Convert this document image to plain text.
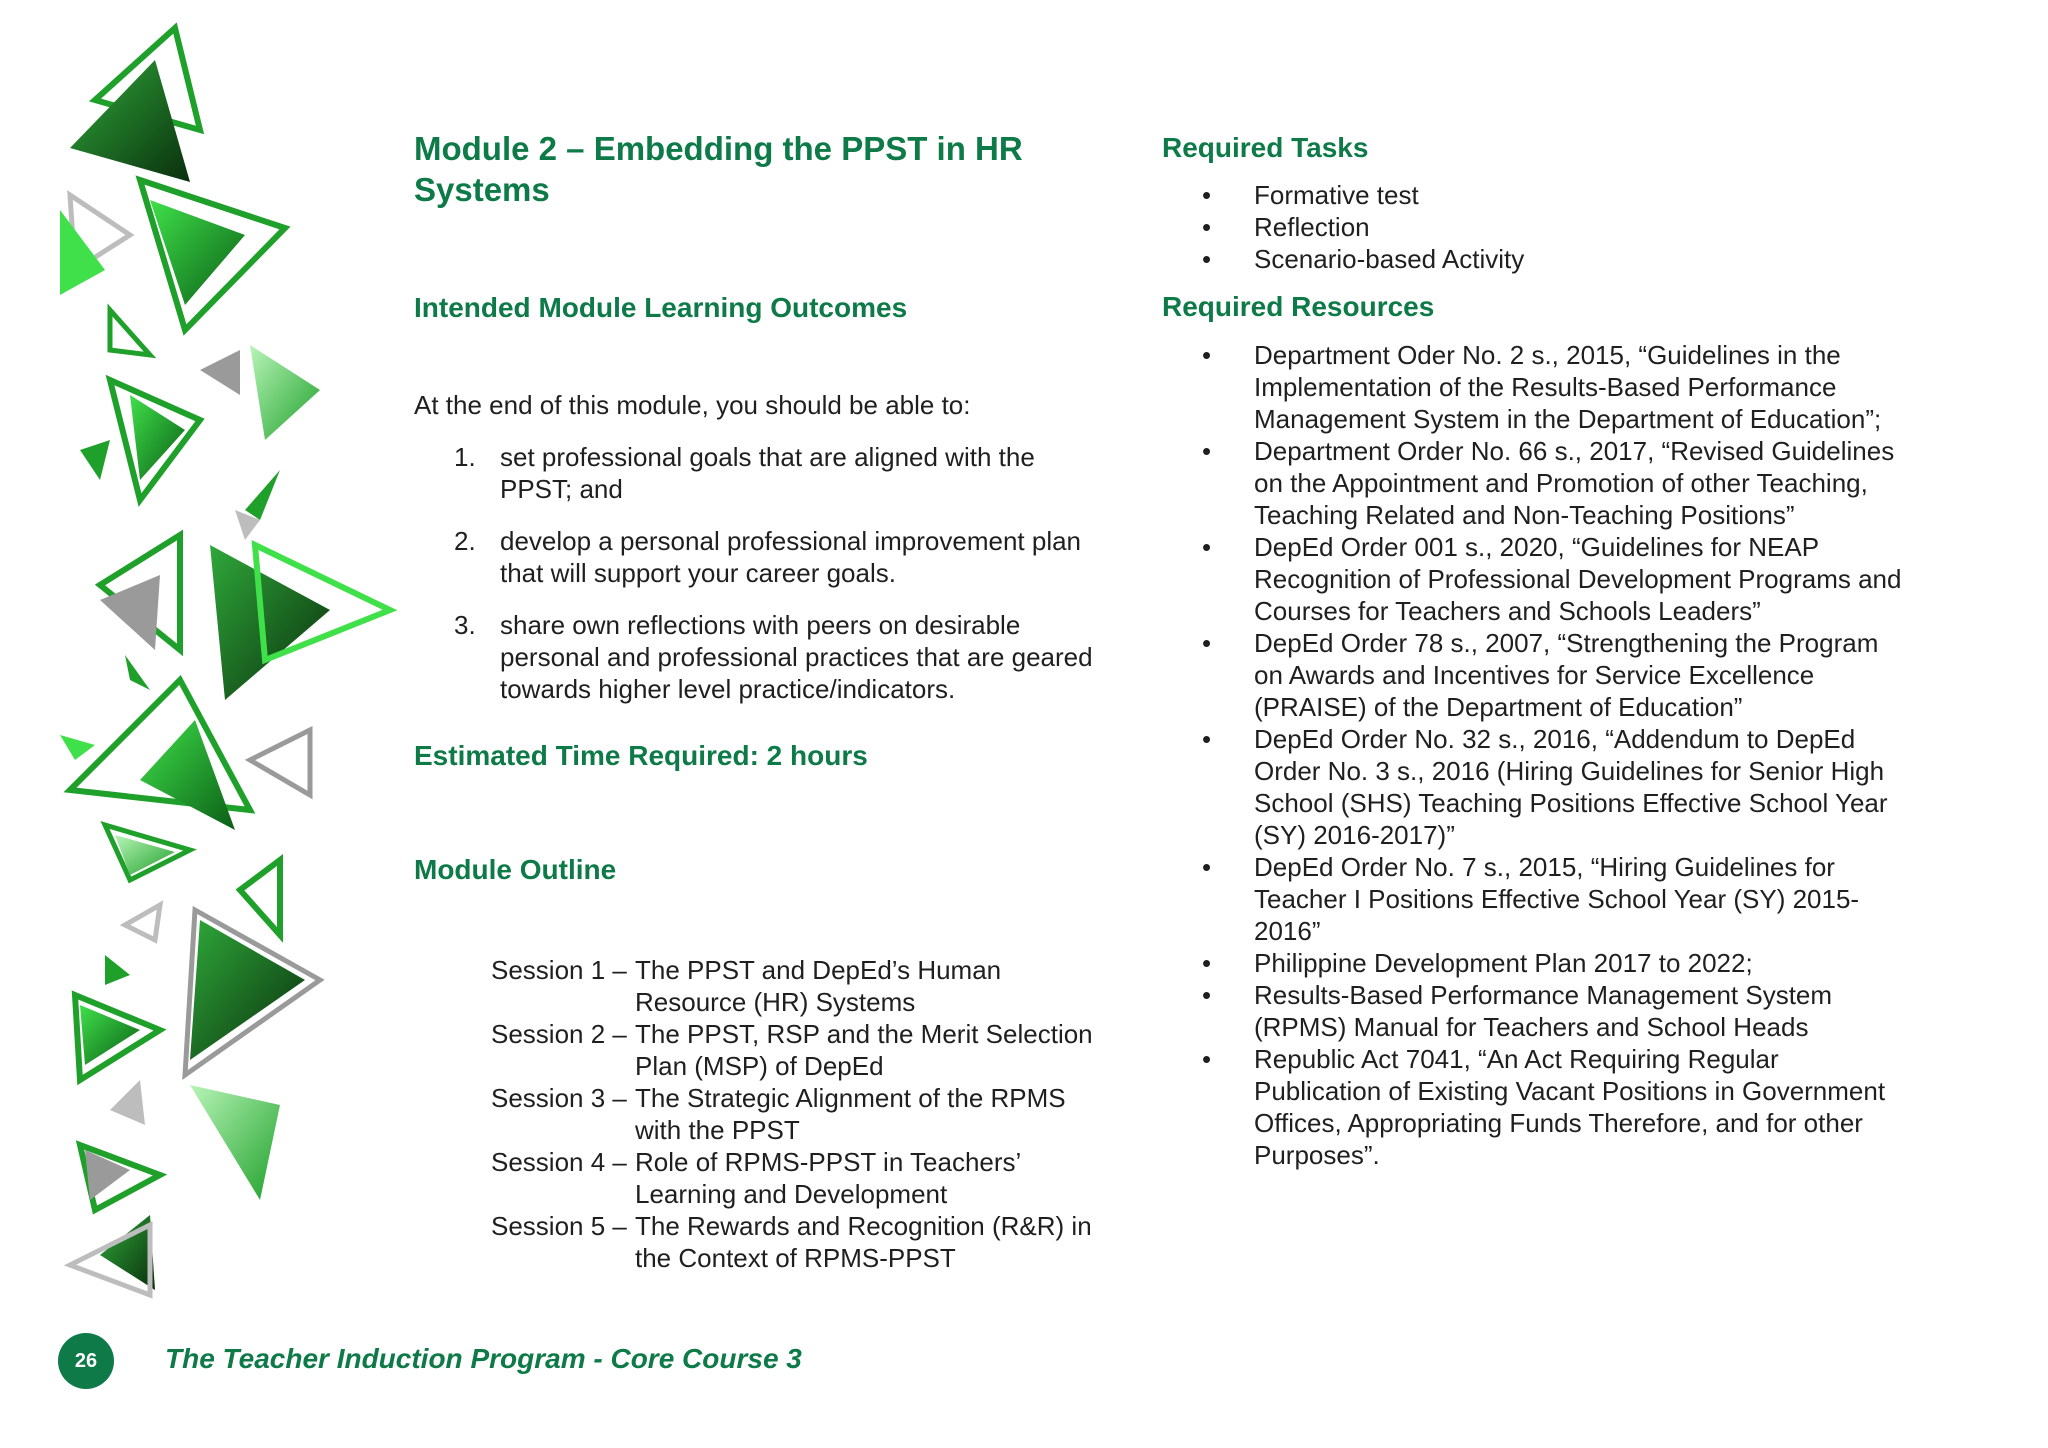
Module 2 – Embedding the PPST in HR Systems
Intended Module Learning Outcomes
At the end of this module, you should be able to:
1. set professional goals that are aligned with the PPST; and
2. develop a personal professional improvement plan that will support your career goals.
3. share own reflections with peers on desirable personal and professional practices that are geared towards higher level practice/indicators.
Estimated Time Required: 2 hours
Module Outline
Session 1 – The PPST and DepEd’s Human Resource (HR) Systems
Session 2 – The PPST, RSP and the Merit Selection Plan (MSP) of DepEd
Session 3 – The Strategic Alignment of the RPMS with the PPST
Session 4 – Role of RPMS-PPST in Teachers’ Learning and Development
Session 5 – The Rewards and Recognition (R&R) in the Context of RPMS-PPST
Required Tasks
•	Formative test
•	Reflection
•	Scenario-based Activity
Required Resources
•	Department Oder No. 2 s., 2015, “Guidelines in the Implementation of the Results-Based Performance Management System in the Department of Education”;
•	Department Order No. 66 s., 2017, “Revised Guidelines on the Appointment and Promotion of other Teaching, Teaching Related and Non-Teaching Positions”
•	DepEd Order 001 s., 2020, “Guidelines for NEAP Recognition of Professional Development Programs and Courses for Teachers and Schools Leaders”
•	DepEd Order 78 s., 2007, “Strengthening the Program on Awards and Incentives for Service Excellence (PRAISE) of the Department of Education”
•	DepEd Order No. 32 s., 2016, “Addendum to DepEd Order No. 3 s., 2016 (Hiring Guidelines for Senior High School (SHS) Teaching Positions Effective School Year (SY) 2016-2017)”
•	DepEd Order No. 7 s., 2015, “Hiring Guidelines for Teacher I Positions Effective School Year (SY) 2015-2016”
•	Philippine Development Plan 2017 to 2022;
•	Results-Based Performance Management System (RPMS) Manual for Teachers and School Heads
•	Republic Act 7041, “An Act Requiring Regular Publication of Existing Vacant Positions in Government Offices, Appropriating Funds Therefore, and for other Purposes”.
26	The Teacher Induction Program - Core Course 3
